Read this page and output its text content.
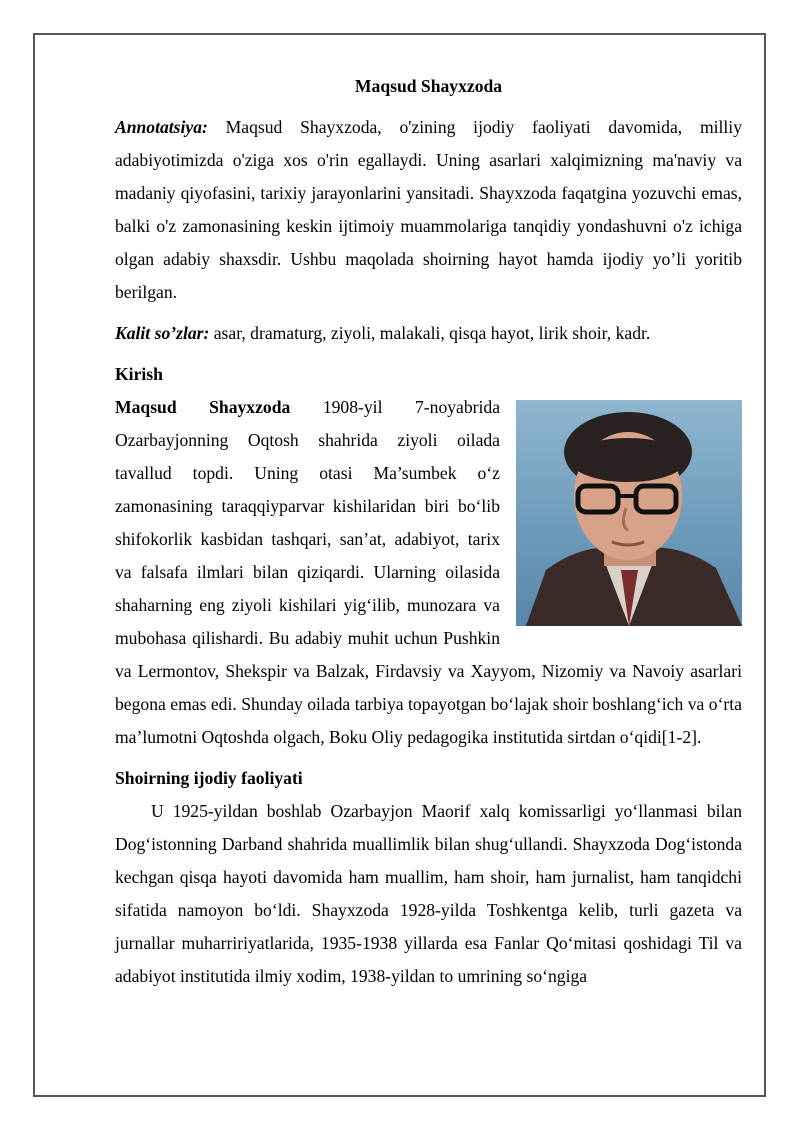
Maqsud Shayxzoda

Annotatsiya: Maqsud Shayxzoda, o'zining ijodiy faoliyati davomida, milliy adabiyotimizda o'ziga xos o'rin egallaydi. Uning asarlari xalqimizning ma'naviy va madaniy qiyofasini, tarixiy jarayonlarini yansitadi. Shayxzoda faqatgina yozuvchi emas, balki o'z zamonasining keskin ijtimoiy muammolariga tanqidiy yondashuvni o'z ichiga olgan adabiy shaxsdir. Ushbu maqolada shoirning hayot hamda ijodiy yo’li yoritib berilgan.

Kalit so’zlar: asar, dramaturg, ziyoli, malakali, qisqa hayot, lirik shoir, kadr.

Kirish

Maqsud Shayxzoda 1908-yil 7-noyabrida Ozarbayjonning Oqtosh shahrida ziyoli oilada tavallud topdi. Uning otasi Ma’sumbek o‘z zamonasining taraqqiyparvar kishilaridan biri bo‘lib shifokorlik kasbidan tashqari, san’at, adabiyot, tarix va falsafa ilmlari bilan qiziqardi. Ularning oilasida shaharning eng ziyoli kishilari yig‘ilib, munozara va mubohasa qilishardi. Bu adabiy muhit uchun Pushkin va Lermontov, Shekspir va Balzak, Firdavsiy va Xayyom, Nizomiy va Navoiy asarlari begona emas edi. Shunday oilada tarbiya topayotgan bo‘lajak shoir boshlang‘ich va o‘rta ma’lumotni Oqtoshda olgach, Boku Oliy pedagogika institutida sirtdan o‘qidi[1-2].

Shoirning ijodiy faoliyati

U 1925-yildan boshlab Ozarbayjon Maorif xalq komissarligi yo‘llanmasi bilan Dog‘istonning Darband shahrida muallimlik bilan shug‘ullandi. Shayxzoda Dog‘istonda kechgan qisqa hayoti davomida ham muallim, ham shoir, ham jurnalist, ham tanqidchi sifatida namoyon bo‘ldi. Shayxzoda 1928-yilda Toshkentga kelib, turli gazeta va jurnallar muharririyatlarida, 1935-1938 yillarda esa Fanlar Qo‘mitasi qoshidagi Til va adabiyot institutida ilmiy xodim, 1938-yildan to umrining so‘ngiga
